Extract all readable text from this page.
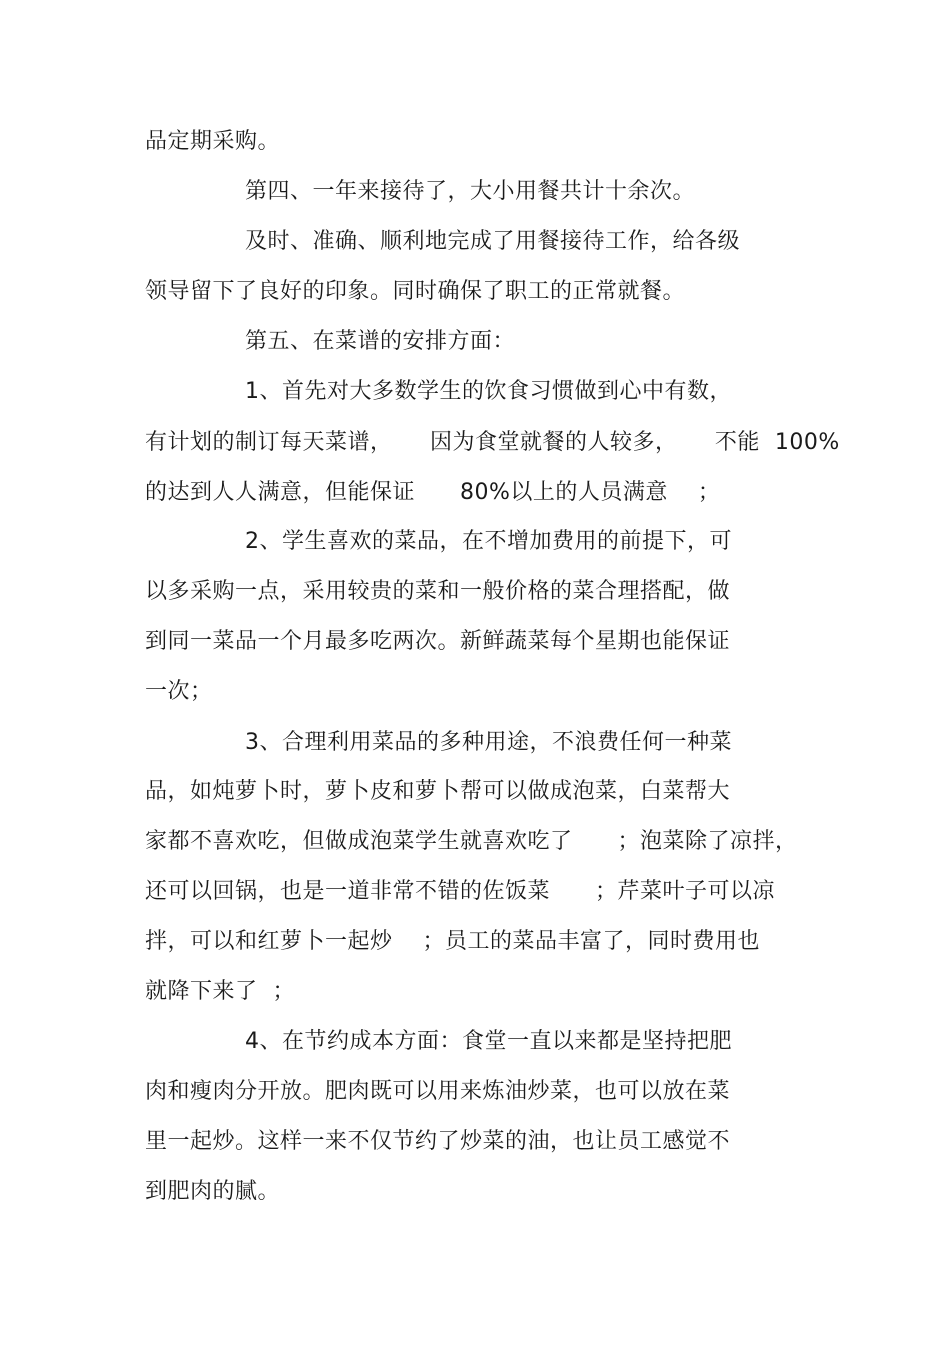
品定期采购。
第四、一年来接待了，大小用餐共计十余次。
及时、准确、顺利地完成了用餐接待工作，给各级
领导留下了良好的印象。同时确保了职工的正常就餐。
第五、在菜谱的安排方面：
1、首先对大多数学生的饮食习惯做到心中有数，
有计划的制订每天菜谱，     因为食堂就餐的人较多，     不能  100%
的达到人人满意，但能保证      80%以上的人员满意    ；
2、学生喜欢的菜品，在不增加费用的前提下，可
以多采购一点，采用较贵的菜和一般价格的菜合理搭配，做
到同一菜品一个月最多吃两次。新鲜蔬菜每个星期也能保证
一次；
3、合理利用菜品的多种用途，不浪费任何一种菜
品，如炖萝卜时，萝卜皮和萝卜帮可以做成泡菜，白菜帮大
家都不喜欢吃，但做成泡菜学生就喜欢吃了      ；泡菜除了凉拌，
还可以回锅，也是一道非常不错的佐饭菜      ；芹菜叶子可以凉
拌，可以和红萝卜一起炒    ；员工的菜品丰富了，同时费用也
就降下来了  ；
4、在节约成本方面：食堂一直以来都是坚持把肥
肉和瘦肉分开放。肥肉既可以用来炼油炒菜，也可以放在菜
里一起炒。这样一来不仅节约了炒菜的油，也让员工感觉不
到肥肉的腻。
